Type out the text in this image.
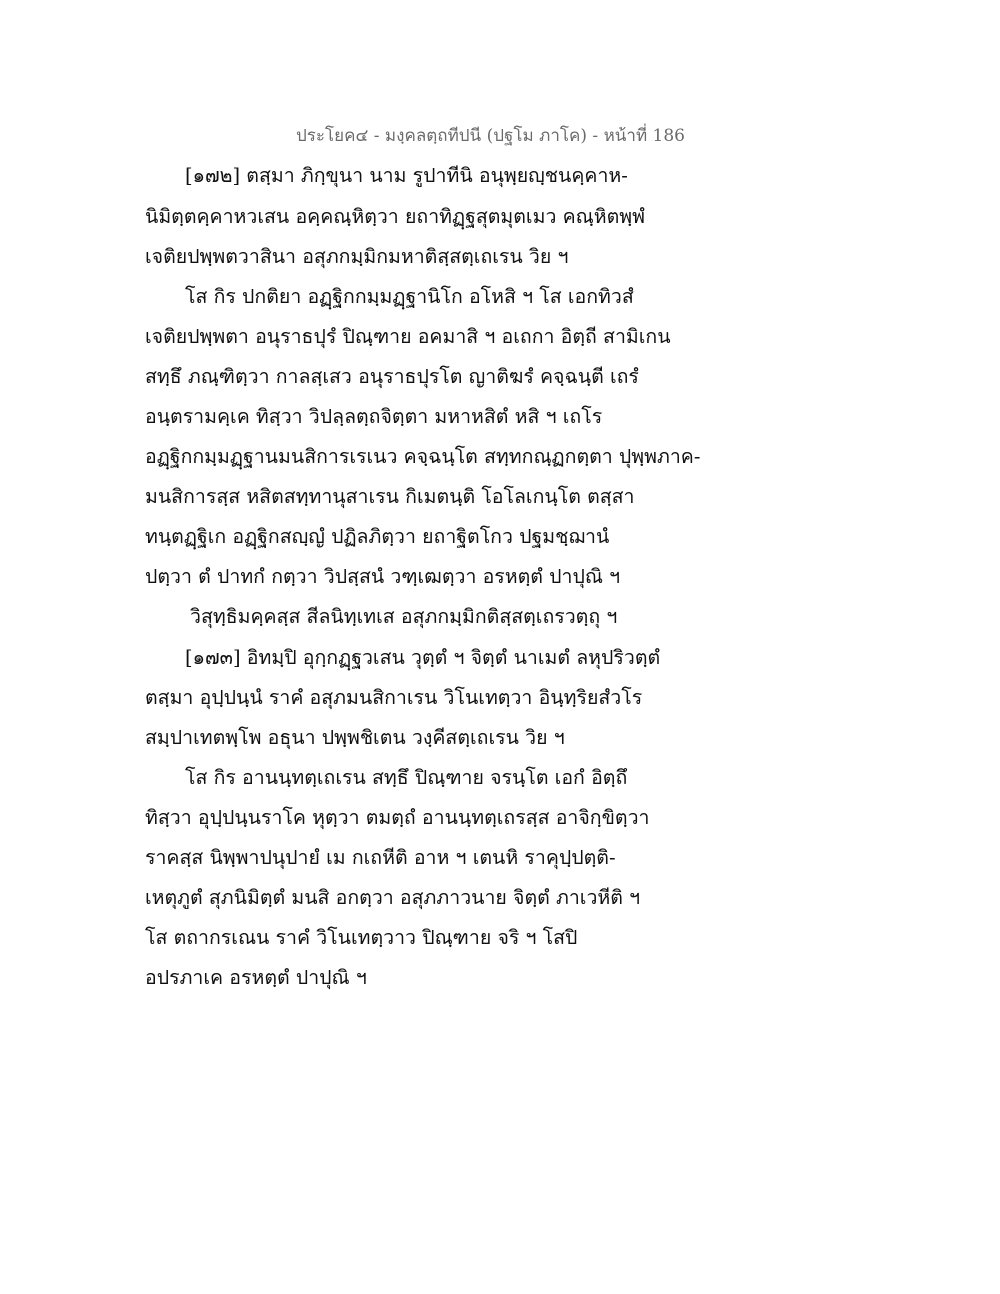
ประโยค๔ - มงฺคลตฺถทีปนี (ปฐโม ภาโค) - หน้าที่ 186
[๑๗๒] ตสฺมา ภิกฺขุนา นาม รูปาทีนิ อนุพฺยญฺชนคฺคาห-
นิมิตฺตคฺคาหวเสน อคฺคณฺหิตฺวา ยถาทิฏฺฐสุตมุตเมว คณฺหิตพฺพํ
เจติยปพฺพตวาสินา อสุภกมฺมิกมหาติสฺสตฺเถเรน วิย ฯ
โส กิร ปกติยา อฏฺฐิกกมฺมฏฺฐานิโก อโหสิ ฯ โส เอกทิวสํ
เจติยปพฺพตา อนุราธปุรํ ปิณฺฑาย อคมาสิ ฯ อเถกา อิตฺถี สามิเกน
สทฺธึ ภณฺฑิตฺวา กาลสฺเสว อนุราธปุรโต ญาติฆรํ คจฺฉนฺตี เถรํ
อนฺตรามคฺเค ทิสฺวา วิปลฺลตฺถจิตฺตา มหาหสิตํ หสิ ฯ เถโร
อฏฺฐิกกมฺมฏฺฐานมนสิการเรเนว คจฺฉนฺโต สทฺทกณฺฏกตฺตา ปุพฺพภาค-
มนสิการสฺส หสิตสทฺทานุสาเรน กิเมตนฺติ โอโลเกนฺโต ตสฺสา
ทนฺตฏฺฐิเก อฏฺฐิกสญฺญํ ปฏิลภิตฺวา ยถาฐิตโกว ปฐมชฺฌานํ
ปตฺวา ตํ ปาทกํ กตฺวา วิปสฺสนํ วฑฺเฒตฺวา อรหตฺตํ ปาปุณิ ฯ
วิสุทฺธิมคฺคสฺส สีลนิทฺเทเส อสุภกมฺมิกติสฺสตฺเถรวตฺถุ ฯ
[๑๗๓] อิทมฺปิ อุกฺกฏฺฐวเสน วุตฺตํ ฯ จิตฺตํ นาเมตํ ลหุปริวตฺตํ
ตสฺมา อุปฺปนฺนํ ราคํ อสุภมนสิกาเรน วิโนเทตฺวา อินฺทฺริยสํวโร
สมฺปาเทตพฺโพ อธุนา ปพฺพชิเตน วงฺคีสตฺเถเรน วิย ฯ
โส กิร อานนฺทตฺเถเรน สทฺธึ ปิณฺฑาย จรนฺโต เอกํ อิตฺถึ
ทิสฺวา อุปฺปนฺนราโค หุตฺวา ตมตฺถํ อานนฺทตฺเถรสฺส อาจิกฺขิตฺวา
ราคสฺส นิพฺพาปนุปายํ เม กเถหีติ อาห ฯ เตนหิ ราคุปฺปตฺติ-
เหตุภูตํ สุภนิมิตฺตํ มนสิ อกตฺวา อสุภภาวนาย จิตฺตํ ภาเวหีติ ฯ
โส ตถากรเณน ราคํ วิโนเทตฺวาว ปิณฺฑาย จริ ฯ โสปิ
อปรภาเค อรหตฺตํ ปาปุณิ ฯ
